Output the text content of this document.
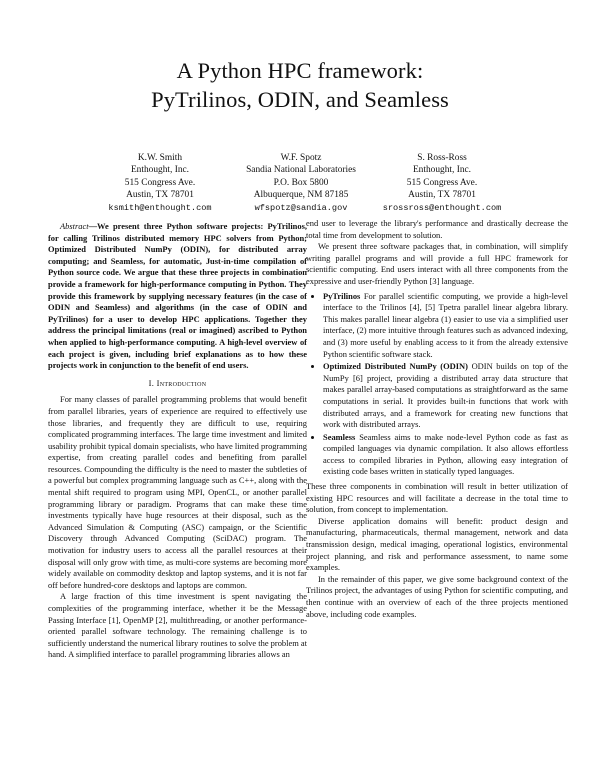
A Python HPC framework:
PyTrilinos, ODIN, and Seamless
K.W. Smith
Enthought, Inc.
515 Congress Ave.
Austin, TX 78701
ksmith@enthought.com
W.F. Spotz
Sandia National Laboratories
P.O. Box 5800
Albuquerque, NM 87185
wfspotz@sandia.gov
S. Ross-Ross
Enthought, Inc.
515 Congress Ave.
Austin, TX 78701
srossross@enthought.com

Abstract—We present three Python software projects: PyTrilinos, for calling Trilinos distributed memory HPC solvers from Python; Optimized Distributed NumPy (ODIN), for distributed array computing; and Seamless, for automatic, Just-in-time compilation of Python source code. We argue that these three projects in combination provide a framework for high-performance computing in Python. They provide this framework by supplying necessary features (in the case of ODIN and Seamless) and algorithms (in the case of ODIN and PyTrilinos) for a user to develop HPC applications. Together they address the principal limitations (real or imagined) ascribed to Python when applied to high-performance computing. A high-level overview of each project is given, including brief explanations as to how these projects work in conjunction to the benefit of end users.

I. Introduction

For many classes of parallel programming problems that would benefit from parallel libraries, years of experience are required to effectively use those libraries, and frequently they are difficult to use, requiring complicated programming interfaces. The large time investment and limited usability prohibit typical domain specialists, who have limited programming expertise, from creating parallel codes and benefiting from parallel resources. Compounding the difficulty is the need to master the subtleties of a powerful but complex programming language such as C++, along with the mental shift required to program using MPI, OpenCL, or another parallel programming library or paradigm. Programs that can make these time investments typically have huge resources at their disposal, such as the Advanced Simulation & Computing (ASC) campaign, or the Scientific Discovery through Advanced Computing (SciDAC) program. The motivation for industry users to access all the parallel resources at their disposal will only grow with time, as multi-core systems are becoming more widely available on commodity desktop and laptop systems, and it is not far off before hundred-core desktops and laptops are common.

A large fraction of this time investment is spent navigating the complexities of the programming interface, whether it be the Message Passing Interface [1], OpenMP [2], multithreading, or another performance-oriented parallel software technology. The remaining challenge is to sufficiently understand the numerical library routines to solve the problem at hand. A simplified interface to parallel programming libraries allows an

end user to leverage the library's performance and drastically decrease the total time from development to solution.

We present three software packages that, in combination, will simplify writing parallel programs and will provide a full HPC framework for scientific computing. End users interact with all three components from the expressive and user-friendly Python [3] language.

• PyTrilinos For parallel scientific computing, we provide a high-level interface to the Trilinos [4], [5] Tpetra parallel linear algebra library. This makes parallel linear algebra (1) easier to use via a simplified user interface, (2) more intuitive through features such as advanced indexing, and (3) more useful by enabling access to it from the already extensive Python scientific software stack.
• Optimized Distributed NumPy (ODIN) ODIN builds on top of the NumPy [6] project, providing a distributed array data structure that makes parallel array-based computations as straightforward as the same computations in serial. It provides built-in functions that work with distributed arrays, and a framework for creating new functions that work with distributed arrays.
• Seamless Seamless aims to make node-level Python code as fast as compiled languages via dynamic compilation. It also allows effortless access to compiled libraries in Python, allowing easy integration of existing code bases written in statically typed languages.

These three components in combination will result in better utilization of existing HPC resources and will facilitate a decrease in the total time to solution, from concept to implementation.

Diverse application domains will benefit: product design and manufacturing, pharmaceuticals, thermal management, network and data transmission design, medical imaging, operational logistics, environmental project planning, and risk and performance assessment, to name some examples.

In the remainder of this paper, we give some background context of the Trilinos project, the advantages of using Python for scientific computing, and then continue with an overview of each of the three projects mentioned above, including code examples.
